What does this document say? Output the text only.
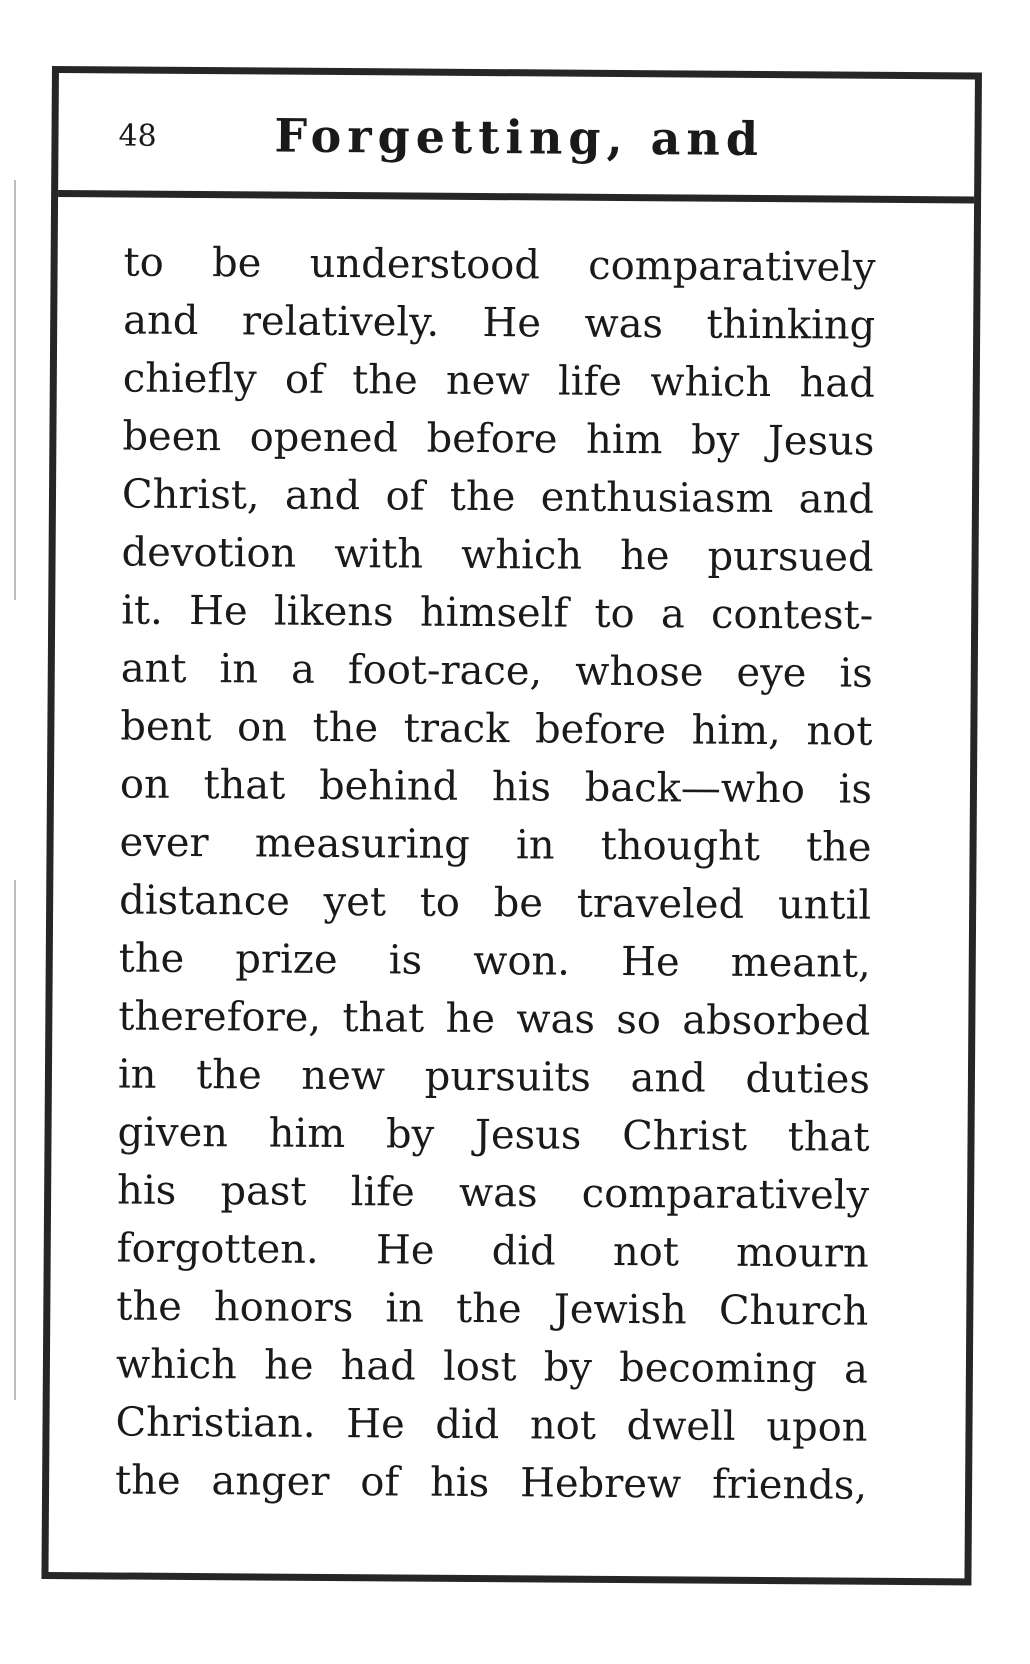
48	Forgetting, and
to be understood comparatively
and relatively. He was thinking
chiefly of the new life which had
been opened before him by Jesus
Christ, and of the enthusiasm and
devotion with which he pursued
it. He likens himself to a contest-
ant in a foot-race, whose eye is
bent on the track before him, not
on that behind his back—who is
ever measuring in thought the
distance yet to be traveled until
the prize is won. He meant,
therefore, that he was so absorbed
in the new pursuits and duties
given him by Jesus Christ that
his past life was comparatively
forgotten. He did not mourn
the honors in the Jewish Church
which he had lost by becoming a
Christian. He did not dwell upon
the anger of his Hebrew friends,
